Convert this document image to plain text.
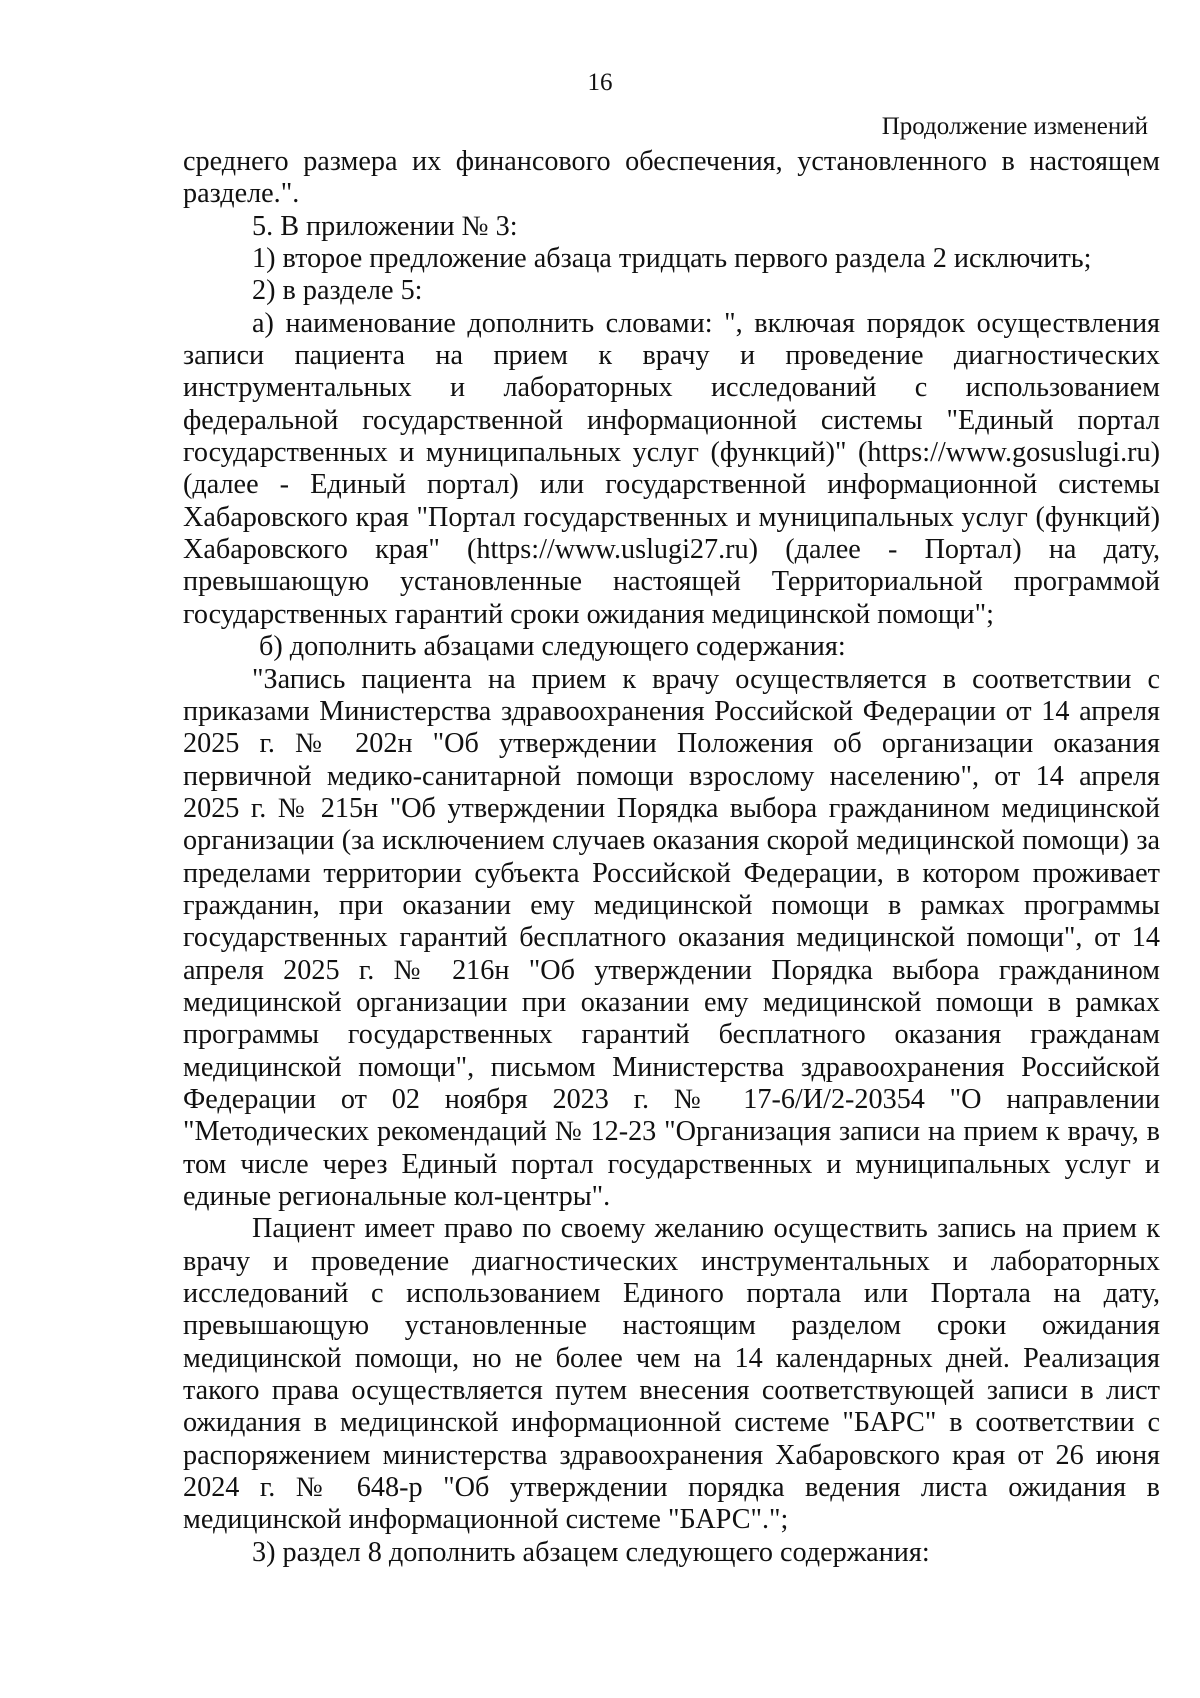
16
Продолжение изменений

среднего размера их финансового обеспечения, установленного в настоящем разделе.".

5. В приложении № 3:

1) второе предложение абзаца тридцать первого раздела 2 исключить;

2) в разделе 5:

а) наименование дополнить словами: ", включая порядок осуществления записи пациента на прием к врачу и проведение диагностических инструментальных и лабораторных исследований с использованием федеральной государственной информационной системы "Единый портал государственных и муниципальных услуг (функций)" (https://www.gosuslugi.ru) (далее - Единый портал) или государственной информационной системы Хабаровского края "Портал государственных и муниципальных услуг (функций) Хабаровского края" (https://www.uslugi27.ru) (далее - Портал) на дату, превышающую установленные настоящей Территориальной программой государственных гарантий сроки ожидания медицинской помощи";

б) дополнить абзацами следующего содержания:

"Запись пациента на прием к врачу осуществляется в соответствии с приказами Министерства здравоохранения Российской Федерации от 14 апреля 2025 г. № 202н "Об утверждении Положения об организации оказания первичной медико-санитарной помощи взрослому населению", от 14 апреля 2025 г. № 215н "Об утверждении Порядка выбора гражданином медицинской организации (за исключением случаев оказания скорой медицинской помощи) за пределами территории субъекта Российской Федерации, в котором проживает гражданин, при оказании ему медицинской помощи в рамках программы государственных гарантий бесплатного оказания медицинской помощи", от 14 апреля 2025 г. № 216н "Об утверждении Порядка выбора гражданином медицинской организации при оказании ему медицинской помощи в рамках программы государственных гарантий бесплатного оказания гражданам медицинской помощи", письмом Министерства здравоохранения Российской Федерации от 02 ноября 2023 г. № 17-6/И/2-20354 "О направлении "Методических рекомендаций № 12-23 "Организация записи на прием к врачу, в том числе через Единый портал государственных и муниципальных услуг и единые региональные кол-центры".

Пациент имеет право по своему желанию осуществить запись на прием к врачу и проведение диагностических инструментальных и лабораторных исследований с использованием Единого портала или Портала на дату, превышающую установленные настоящим разделом сроки ожидания медицинской помощи, но не более чем на 14 календарных дней. Реализация такого права осуществляется путем внесения соответствующей записи в лист ожидания в медицинской информационной системе "БАРС" в соответствии с распоряжением министерства здравоохранения Хабаровского края от 26 июня 2024 г. № 648-р "Об утверждении порядка ведения листа ожидания в медицинской информационной системе "БАРС".";

3) раздел 8 дополнить абзацем следующего содержания:
